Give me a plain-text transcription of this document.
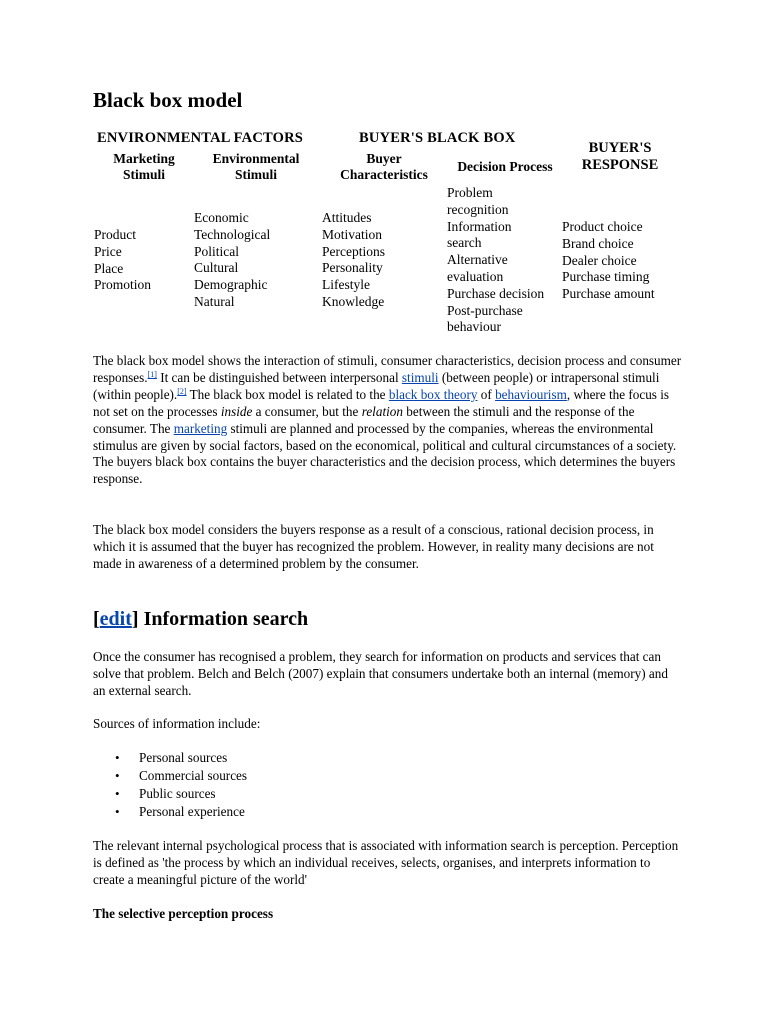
Black box model
ENVIRONMENTAL FACTORS	BUYER'S BLACK BOX
BUYER'S RESPONSE
Marketing Stimuli
Environmental Stimuli
Buyer Characteristics
Decision Process
Product
Price
Place
Promotion
Economic
Technological
Political
Cultural
Demographic
Natural
Attitudes
Motivation
Perceptions
Personality
Lifestyle
Knowledge
Problem
recognition
Information
search
Alternative
evaluation
Purchase decision
Post-purchase
behaviour
Product choice
Brand choice
Dealer choice
Purchase timing
Purchase amount
The black box model shows the interaction of stimuli, consumer characteristics, decision process and consumer responses.[1] It can be distinguished between interpersonal stimuli (between people) or intrapersonal stimuli (within people).[2] The black box model is related to the black box theory of behaviourism, where the focus is not set on the processes inside a consumer, but the relation between the stimuli and the response of the consumer. The marketing stimuli are planned and processed by the companies, whereas the environmental stimulus are given by social factors, based on the economical, political and cultural circumstances of a society. The buyers black box contains the buyer characteristics and the decision process, which determines the buyers response.
The black box model considers the buyers response as a result of a conscious, rational decision process, in which it is assumed that the buyer has recognized the problem. However, in reality many decisions are not made in awareness of a determined problem by the consumer.
[edit] Information search
Once the consumer has recognised a problem, they search for information on products and services that can solve that problem. Belch and Belch (2007) explain that consumers undertake both an internal (memory) and an external search.
Sources of information include:
• Personal sources
• Commercial sources
• Public sources
• Personal experience
The relevant internal psychological process that is associated with information search is perception. Perception is defined as 'the process by which an individual receives, selects, organises, and interprets information to create a meaningful picture of the world'
The selective perception process
